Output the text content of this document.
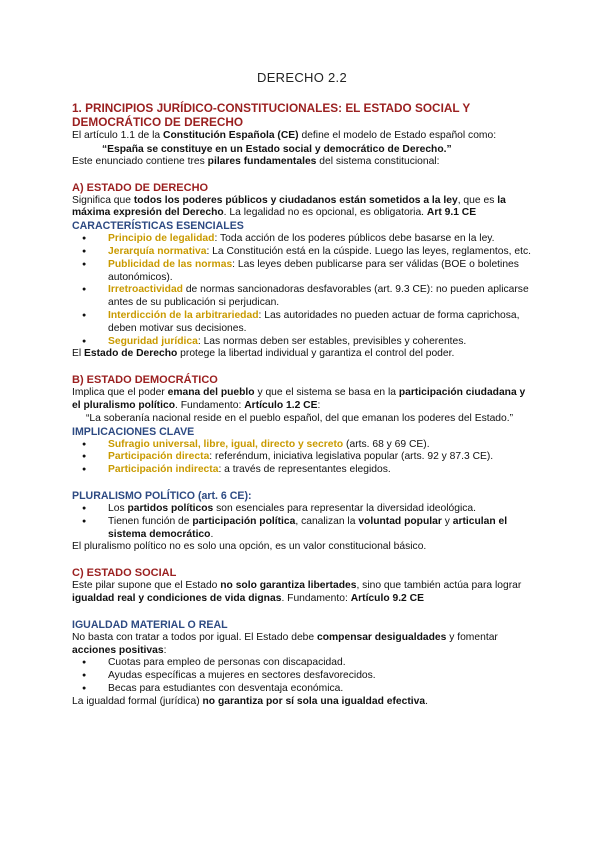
DERECHO 2.2
1. PRINCIPIOS JURÍDICO-CONSTITUCIONALES: EL ESTADO SOCIAL Y DEMOCRÁTICO DE DERECHO

El artículo 1.1 de la Constitución Española (CE) define el modelo de Estado español como:

“España se constituye en un Estado social y democrático de Derecho.”

Este enunciado contiene tres pilares fundamentales del sistema constitucional:

A) ESTADO DE DERECHO

Significa que todos los poderes públicos y ciudadanos están sometidos a la ley, que es la máxima expresión del Derecho. La legalidad no es opcional, es obligatoria. Art 9.1 CE

CARACTERÍSTICAS ESENCIALES
● Principio de legalidad: Toda acción de los poderes públicos debe basarse en la ley.
● Jerarquía normativa: La Constitución está en la cúspide. Luego las leyes, reglamentos, etc.
● Publicidad de las normas: Las leyes deben publicarse para ser válidas (BOE o boletines autonómicos).
● Irretroactividad de normas sancionadoras desfavorables (art. 9.3 CE): no pueden aplicarse antes de su publicación si perjudican.
● Interdicción de la arbitrariedad: Las autoridades no pueden actuar de forma caprichosa, deben motivar sus decisiones.
● Seguridad jurídica: Las normas deben ser estables, previsibles y coherentes.

El Estado de Derecho protege la libertad individual y garantiza el control del poder.

B) ESTADO DEMOCRÁTICO

Implica que el poder emana del pueblo y que el sistema se basa en la participación ciudadana y el pluralismo político. Fundamento: Artículo 1.2 CE:

“La soberanía nacional reside en el pueblo español, del que emanan los poderes del Estado.”

IMPLICACIONES CLAVE
● Sufragio universal, libre, igual, directo y secreto (arts. 68 y 69 CE).
● Participación directa: referéndum, iniciativa legislativa popular (arts. 92 y 87.3 CE).
● Participación indirecta: a través de representantes elegidos.
PLURALISMO POLÍTICO (art. 6 CE):
● Los partidos políticos son esenciales para representar la diversidad ideológica.
● Tienen función de participación política, canalizan la voluntad popular y articulan el sistema democrático.

El pluralismo político no es solo una opción, es un valor constitucional básico.

C) ESTADO SOCIAL

Este pilar supone que el Estado no solo garantiza libertades, sino que también actúa para lograr igualdad real y condiciones de vida dignas. Fundamento: Artículo 9.2 CE

IGUALDAD MATERIAL O REAL

No basta con tratar a todos por igual. El Estado debe compensar desigualdades y fomentar acciones positivas:

● Cuotas para empleo de personas con discapacidad.
● Ayudas específicas a mujeres en sectores desfavorecidos.
● Becas para estudiantes con desventaja económica.

La igualdad formal (jurídica) no garantiza por sí sola una igualdad efectiva.
